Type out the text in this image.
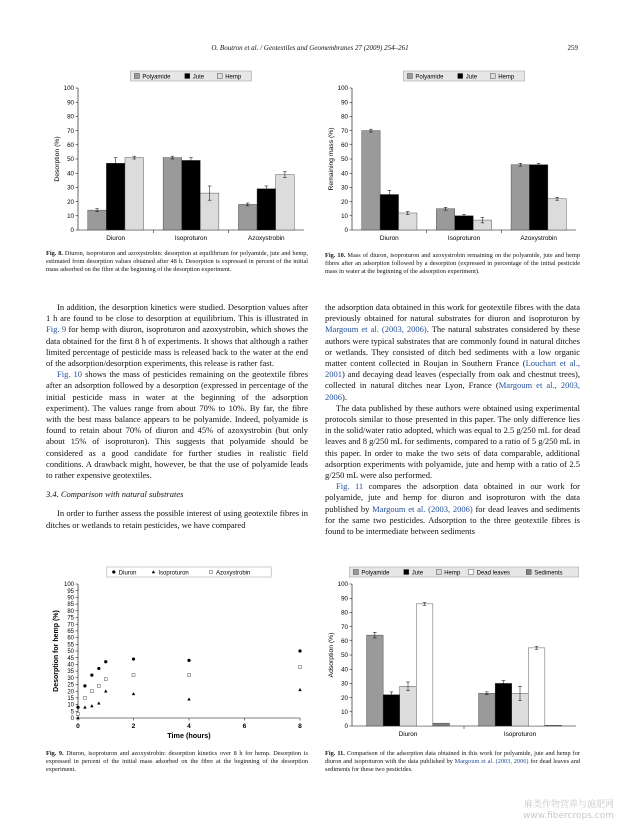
O. Boutron et al. / Geotextiles and Geomembranes 27 (2009) 254–261	259
Polyamide	Jute	Hemp
0
10
20
30
40
50
60
70
80
90
100
Diuron	Isoproturon	Azoxystrobin
Desorption (%)
Fig. 8. Diuron, isoproturon and azoxystrobin: desorption at equilibrium for polyamide, jute and hemp, estimated from desorption values obtained after 48 h. Desorption is expressed in percent of the initial mass adsorbed on the fibre at the beginning of the desorption experiment.
Polyamide	Jute	Hemp
0
10
20
30
40
50
60
70
80
90
100
Diuron	Isoproturon	Azoxystrobin
Remaining mass (%)
Fig. 10. Mass of diuron, isoproturon and azoxystrobin remaining on the polyamide, jute and hemp fibres after an adsorption followed by a desorption (expressed in percentage of the initial pesticide mass in water at the beginning of the adsorption experiment).

In addition, the desorption kinetics were studied. Desorption values after 1 h are found to be close to desorption at equilibrium. This is illustrated in Fig. 9 for hemp with diuron, isoproturon and azoxystrobin, which shows the data obtained for the first 8 h of experiments. It shows that although a rather limited percentage of pesticide mass is released back to the water at the end of the adsorption/desorption experiments, this release is rather fast.

Fig. 10 shows the mass of pesticides remaining on the geotextile fibres after an adsorption followed by a desorption (expressed in percentage of the initial pesticide mass in water at the beginning of the adsorption experiment). The values range from about 70% to 10%. By far, the fibre with the best mass balance appears to be polyamide. Indeed, polyamide is found to retain about 70% of diuron and 45% of azoxystrobin (but only about 15% of isoproturon). This suggests that polyamide should be considered as a good candidate for further studies in realistic field conditions. A drawback might, however, be that the use of polyamide leads to rather expensive geotextiles.

3.4. Comparison with natural substrates

In order to further assess the possible interest of using geotextile fibres in ditches or wetlands to retain pesticides, we have compared

the adsorption data obtained in this work for geotextile fibres with the data previously obtained for natural substrates for diuron and isoproturon by Margoum et al. (2003, 2006). The natural substrates considered by these authors were typical substrates that are commonly found in natural ditches or wetlands. They consisted of ditch bed sediments with a low organic matter content collected in Roujan in Southern France (Louchart et al., 2001) and decaying dead leaves (especially from oak and chestnut trees), collected in natural ditches near Lyon, France (Margoum et al., 2003, 2006).

The data published by these authors were obtained using experimental protocols similar to those presented in this paper. The only difference lies in the solid/water ratio adopted, which was equal to 2.5 g/250 mL for dead leaves and 8 g/250 mL for sediments, compared to a ratio of 5 g/250 mL in this paper. In order to make the two sets of data comparable, additional adsorption experiments with polyamide, jute and hemp with a ratio of 2.5 g/250 mL were also performed.

Fig. 11 compares the adsorption data obtained in our work for polyamide, jute and hemp for diuron and isoproturon with the data published by Margoum et al. (2003, 2006) for dead leaves and sediments for the same two pesticides. Adsorption to the three geotextile fibres is found to be intermediate between sediments

Diuron	Isoproturon	Azoxystrobin
0
5
10
15
20
25
30
35
40
45
50
55
60
65
70
75
80
85
90
95
100
0	2	4	6	8
Time (hours)
Desorption for hemp (%)
Fig. 9. Diuron, isoproturon and azoxystrobin: desorption kinetics over 8 h for hemp. Desorption is expressed in percent of the initial mass adsorbed on the fibre at the beginning of the desorption experiment.
Polyamide	Jute	Hemp	Dead leaves	Sediments
0
10
20
30
40
50
60
70
80
90
100
Diuron	Isoproturon
Adsorption (%)
Fig. 11. Comparison of the adsorption data obtained in this work for polyamide, jute and hemp for diuron and isoproturon with the data published by Margoum et al. (2003, 2006) for dead leaves and sediments for these two pesticides.
麻类作物营养与施肥网
www.fibercrops.com
